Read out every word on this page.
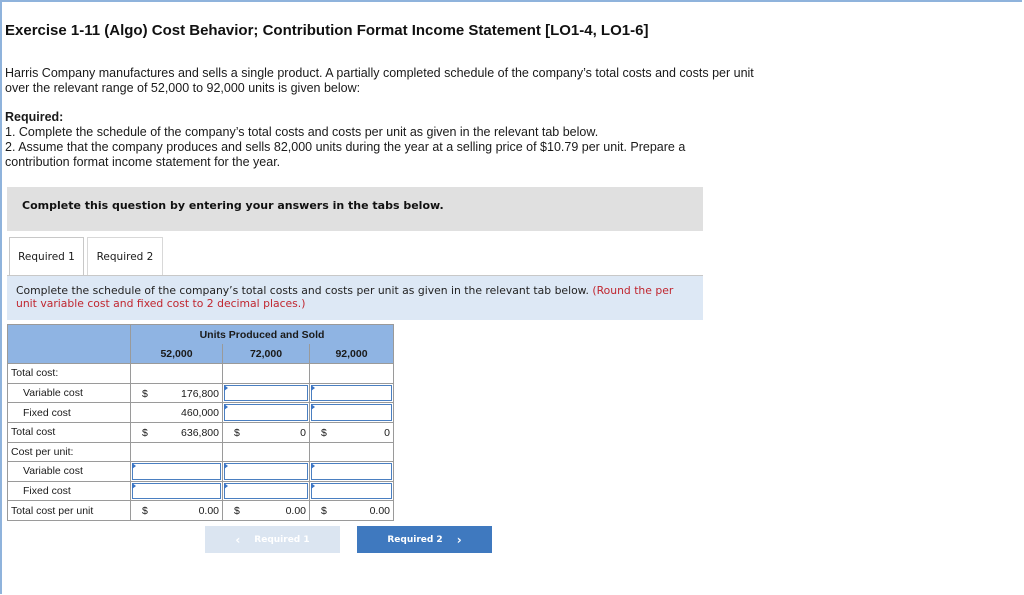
Exercise 1-11 (Algo) Cost Behavior; Contribution Format Income Statement [LO1-4, LO1-6]
Harris Company manufactures and sells a single product. A partially completed schedule of the company’s total costs and costs per unit over the relevant range of 52,000 to 92,000 units is given below:
Required:
1. Complete the schedule of the company’s total costs and costs per unit as given in the relevant tab below.
2. Assume that the company produces and sells 82,000 units during the year at a selling price of $10.79 per unit. Prepare a contribution format income statement for the year.
Complete this question by entering your answers in the tabs below.
Required 1	Required 2

Complete the schedule of the company’s total costs and costs per unit as given in the relevant tab below. (Round the per unit variable cost and fixed cost to 2 decimal places.)

	Units Produced and Sold		
	52,000	72,000	92,000
Total cost:			
Variable cost	$ 176,800		

Fixed cost	460,000		

Total cost	$ 636,800	$ 0	$ 0

Cost per unit:			
Variable cost	

Fixed cost	

Total cost per unit	$ 0.00	$ 0.00	$ 0.00
‹ Required 1	Required 2 ›
